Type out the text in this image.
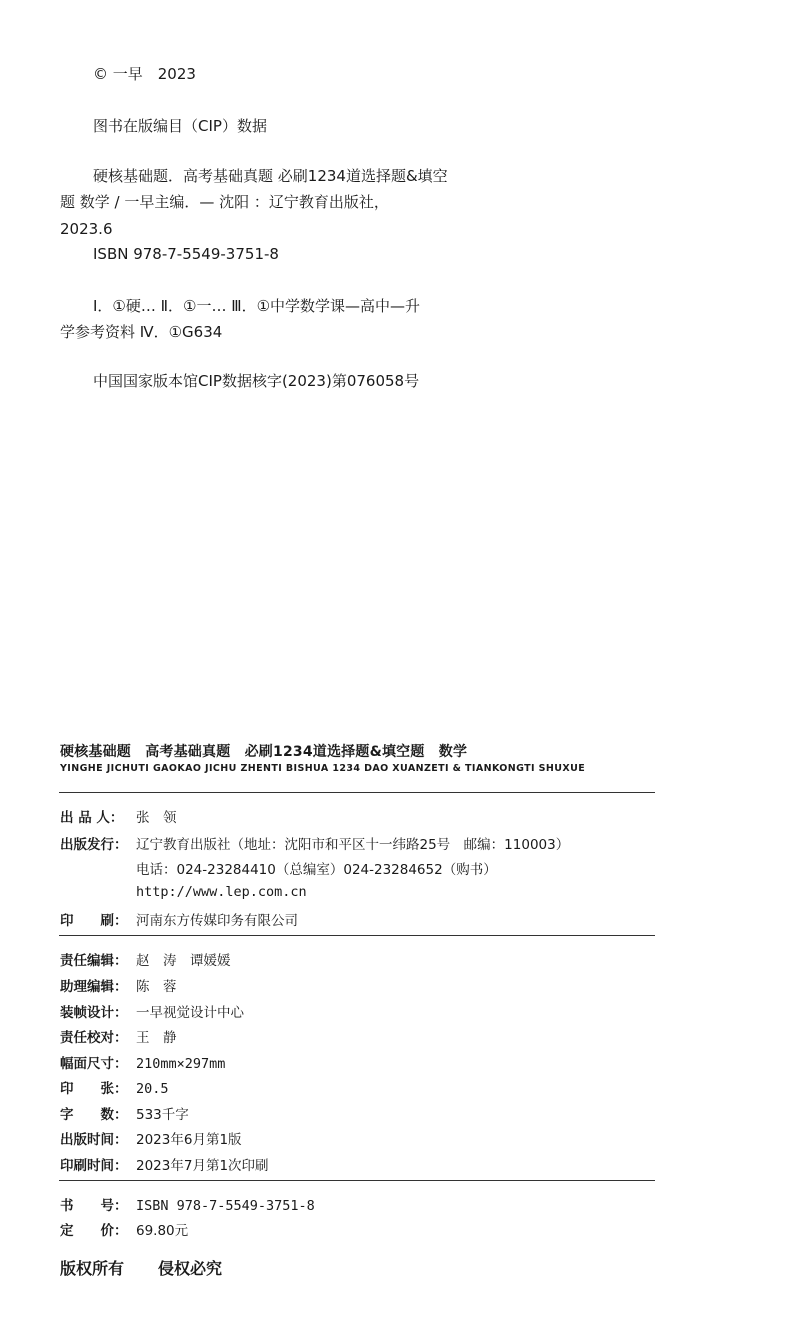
© 一早　2023
图书在版编目（CIP）数据
硬核基础题．高考基础真题 必刷1234道选择题&填空
题 数学 / 一早主编．— 沈阳 ：辽宁教育出版社，
2023.6
ISBN 978-7-5549-3751-8
Ⅰ．①硬… Ⅱ．①一… Ⅲ．①中学数学课—高中—升
学参考资料 Ⅳ．①G634
中国国家版本馆CIP数据核字(2023)第076058号
硬核基础题　高考基础真题　必刷1234道选择题&填空题　数学
YINGHE JICHUTI GAOKAO JICHU ZHENTI BISHUA 1234 DAO XUANZETI & TIANKONGTI SHUXUE
出 品 人： 张　领
出版发行： 辽宁教育出版社（地址：沈阳市和平区十一纬路25号　邮编：110003）
电话：024-23284410（总编室）024-23284652（购书）
http://www.lep.com.cn
印　　刷： 河南东方传媒印务有限公司
责任编辑： 赵　涛　谭媛媛
助理编辑： 陈　蓉
装帧设计： 一早视觉设计中心
责任校对： 王　静
幅面尺寸： 210mm×297mm
印　　张： 20.5
字　　数： 533千字
出版时间： 2023年6月第1版
印刷时间： 2023年7月第1次印刷
书　　号： ISBN 978-7-5549-3751-8
定　　价： 69.80元
版权所有 侵权必究
